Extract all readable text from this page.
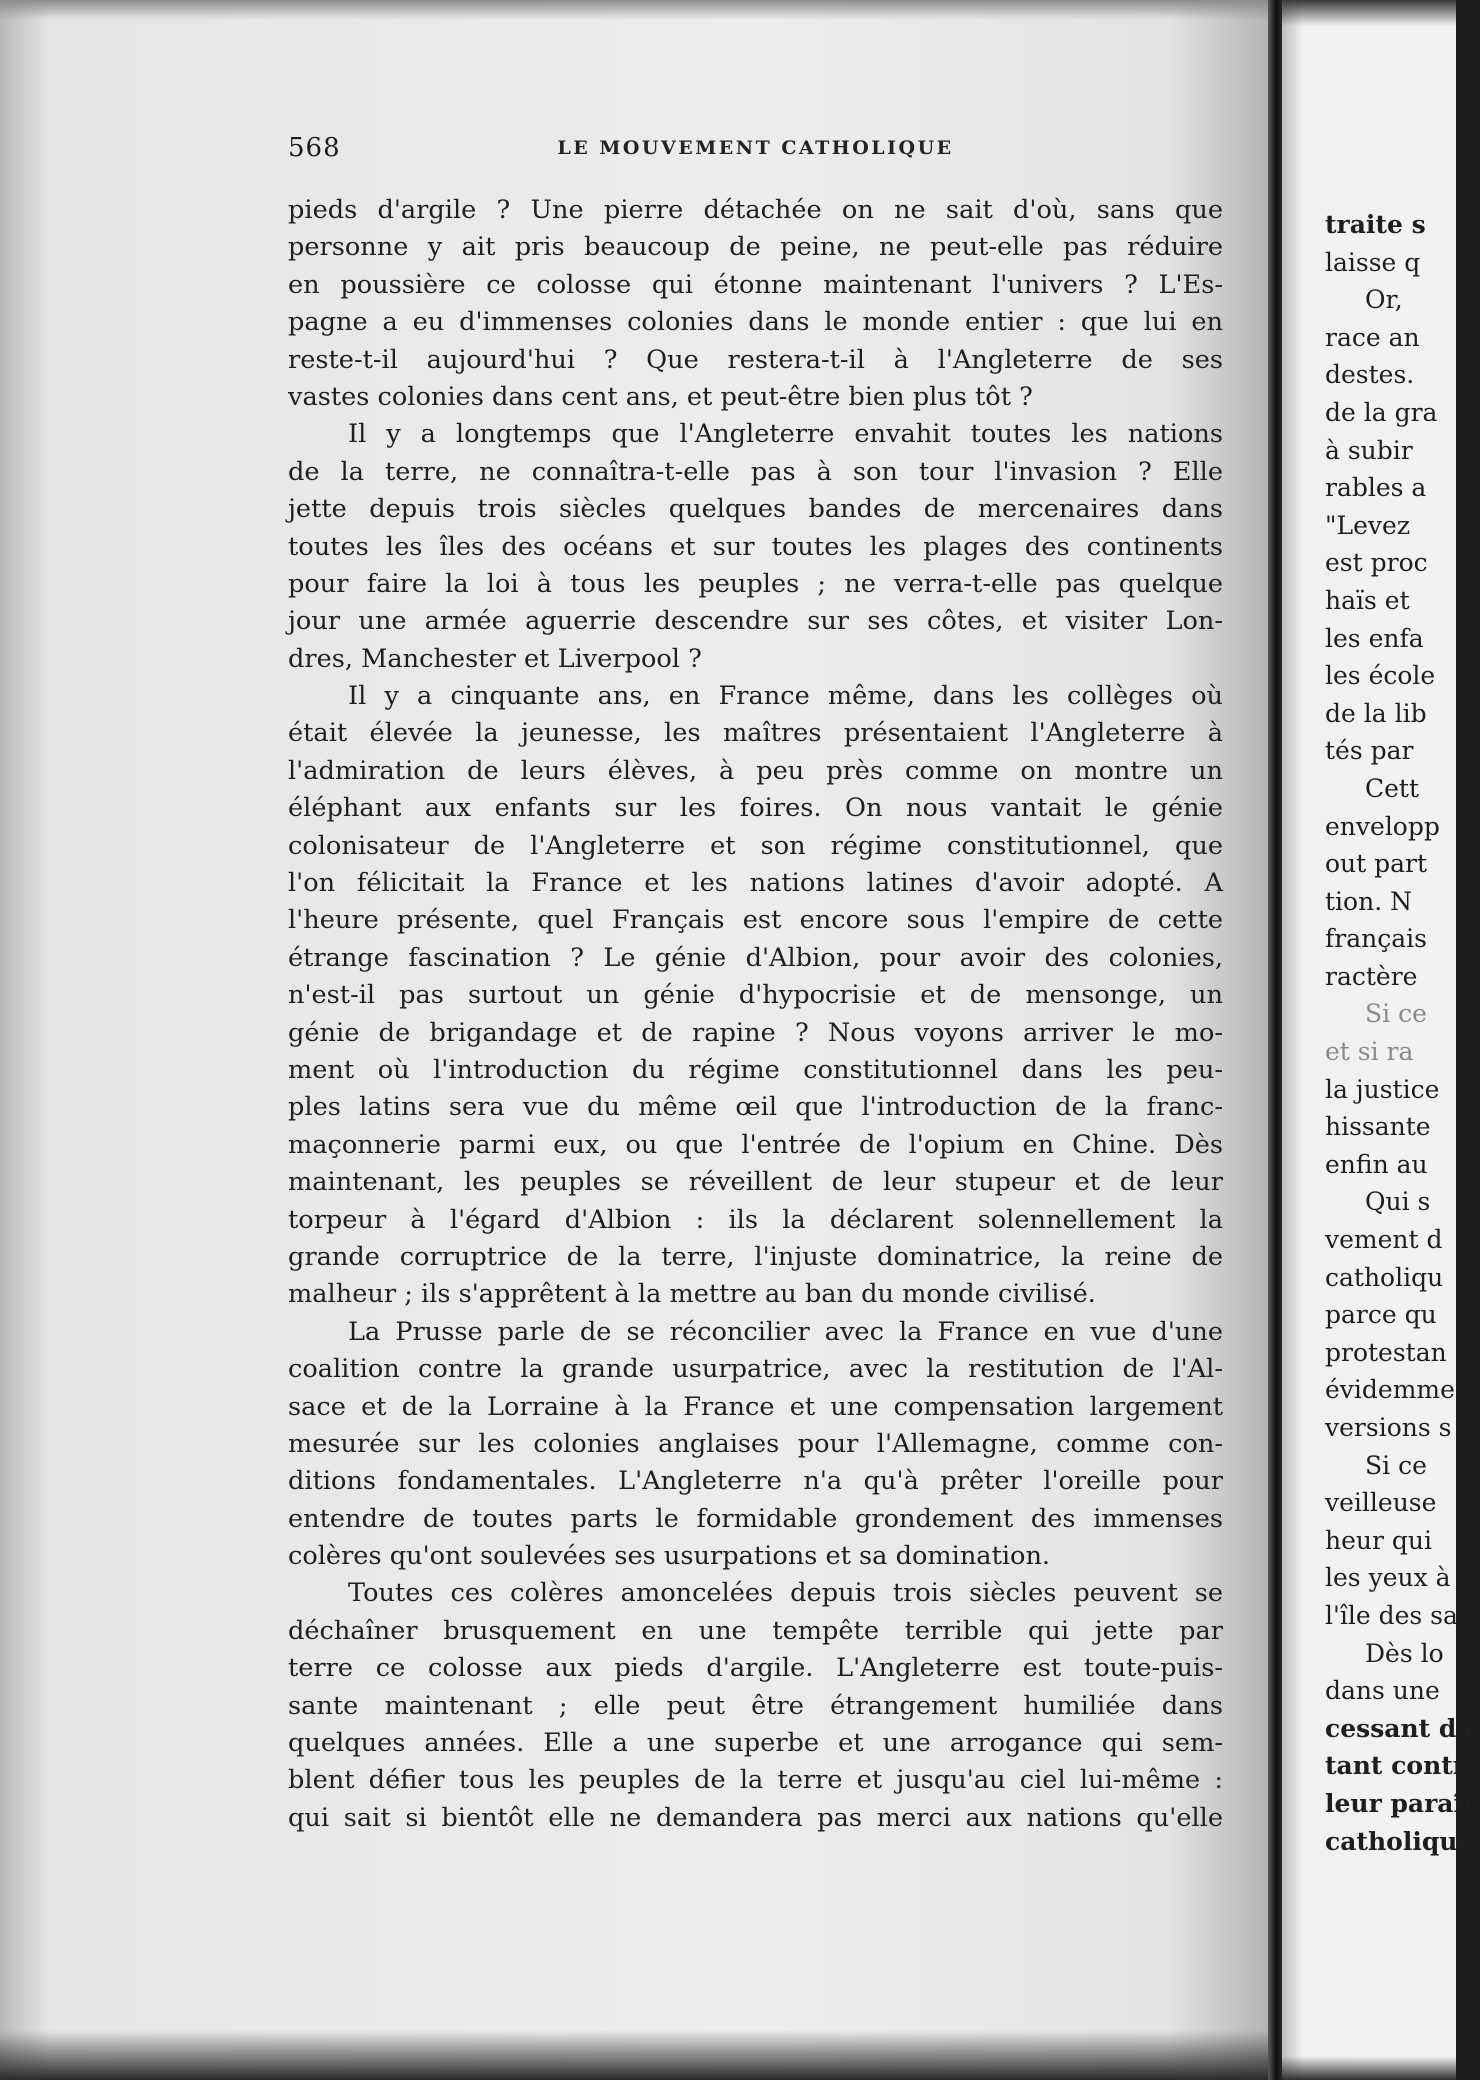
568	LE MOUVEMENT CATHOLIQUE
pieds d'argile ? Une pierre détachée on ne sait d'où, sans que
personne y ait pris beaucoup de peine, ne peut-elle pas réduire
en poussière ce colosse qui étonne maintenant l'univers ? L'Es-
pagne a eu d'immenses colonies dans le monde entier : que lui en
reste-t-il aujourd'hui ? Que restera-t-il à l'Angleterre de ses
vastes colonies dans cent ans, et peut-être bien plus tôt ?
Il y a longtemps que l'Angleterre envahit toutes les nations
de la terre, ne connaîtra-t-elle pas à son tour l'invasion ? Elle
jette depuis trois siècles quelques bandes de mercenaires dans
toutes les îles des océans et sur toutes les plages des continents
pour faire la loi à tous les peuples ; ne verra-t-elle pas quelque
jour une armée aguerrie descendre sur ses côtes, et visiter Lon-
dres, Manchester et Liverpool ?
Il y a cinquante ans, en France même, dans les collèges où
était élevée la jeunesse, les maîtres présentaient l'Angleterre à
l'admiration de leurs élèves, à peu près comme on montre un
éléphant aux enfants sur les foires. On nous vantait le génie
colonisateur de l'Angleterre et son régime constitutionnel, que
l'on félicitait la France et les nations latines d'avoir adopté. A
l'heure présente, quel Français est encore sous l'empire de cette
étrange fascination ? Le génie d'Albion, pour avoir des colonies,
n'est-il pas surtout un génie d'hypocrisie et de mensonge, un
génie de brigandage et de rapine ? Nous voyons arriver le mo-
ment où l'introduction du régime constitutionnel dans les peu-
ples latins sera vue du même œil que l'introduction de la franc-
maçonnerie parmi eux, ou que l'entrée de l'opium en Chine. Dès
maintenant, les peuples se réveillent de leur stupeur et de leur
torpeur à l'égard d'Albion : ils la déclarent solennellement la
grande corruptrice de la terre, l'injuste dominatrice, la reine de
malheur ; ils s'apprêtent à la mettre au ban du monde civilisé.
La Prusse parle de se réconcilier avec la France en vue d'une
coalition contre la grande usurpatrice, avec la restitution de l'Al-
sace et de la Lorraine à la France et une compensation largement
mesurée sur les colonies anglaises pour l'Allemagne, comme con-
ditions fondamentales. L'Angleterre n'a qu'à prêter l'oreille pour
entendre de toutes parts le formidable grondement des immenses
colères qu'ont soulevées ses usurpations et sa domination.
Toutes ces colères amoncelées depuis trois siècles peuvent se
déchaîner brusquement en une tempête terrible qui jette par
terre ce colosse aux pieds d'argile. L'Angleterre est toute-puis-
sante maintenant ; elle peut être étrangement humiliée dans
quelques années. Elle a une superbe et une arrogance qui sem-
blent défier tous les peuples de la terre et jusqu'au ciel lui-même :
qui sait si bientôt elle ne demandera pas merci aux nations qu'elle
traite s
laisse q
Or,
race an
destes.
de la gra
à subir
rables a
"Levez
est proc
haïs et
les enfa
les école
de la lib
tés par
Cett
envelopp
out part
tion. N
français
ractère
Si ce
et si ra
la justice
hissante
enfin au
Qui s
vement d
catholiqu
parce qu
protestan
évidemme
versions s
Si ce
veilleuse
heur qui
les yeux à
l'île des sa
Dès lo
dans une
cessant d'é
tant contr
leur paraît
catholique
